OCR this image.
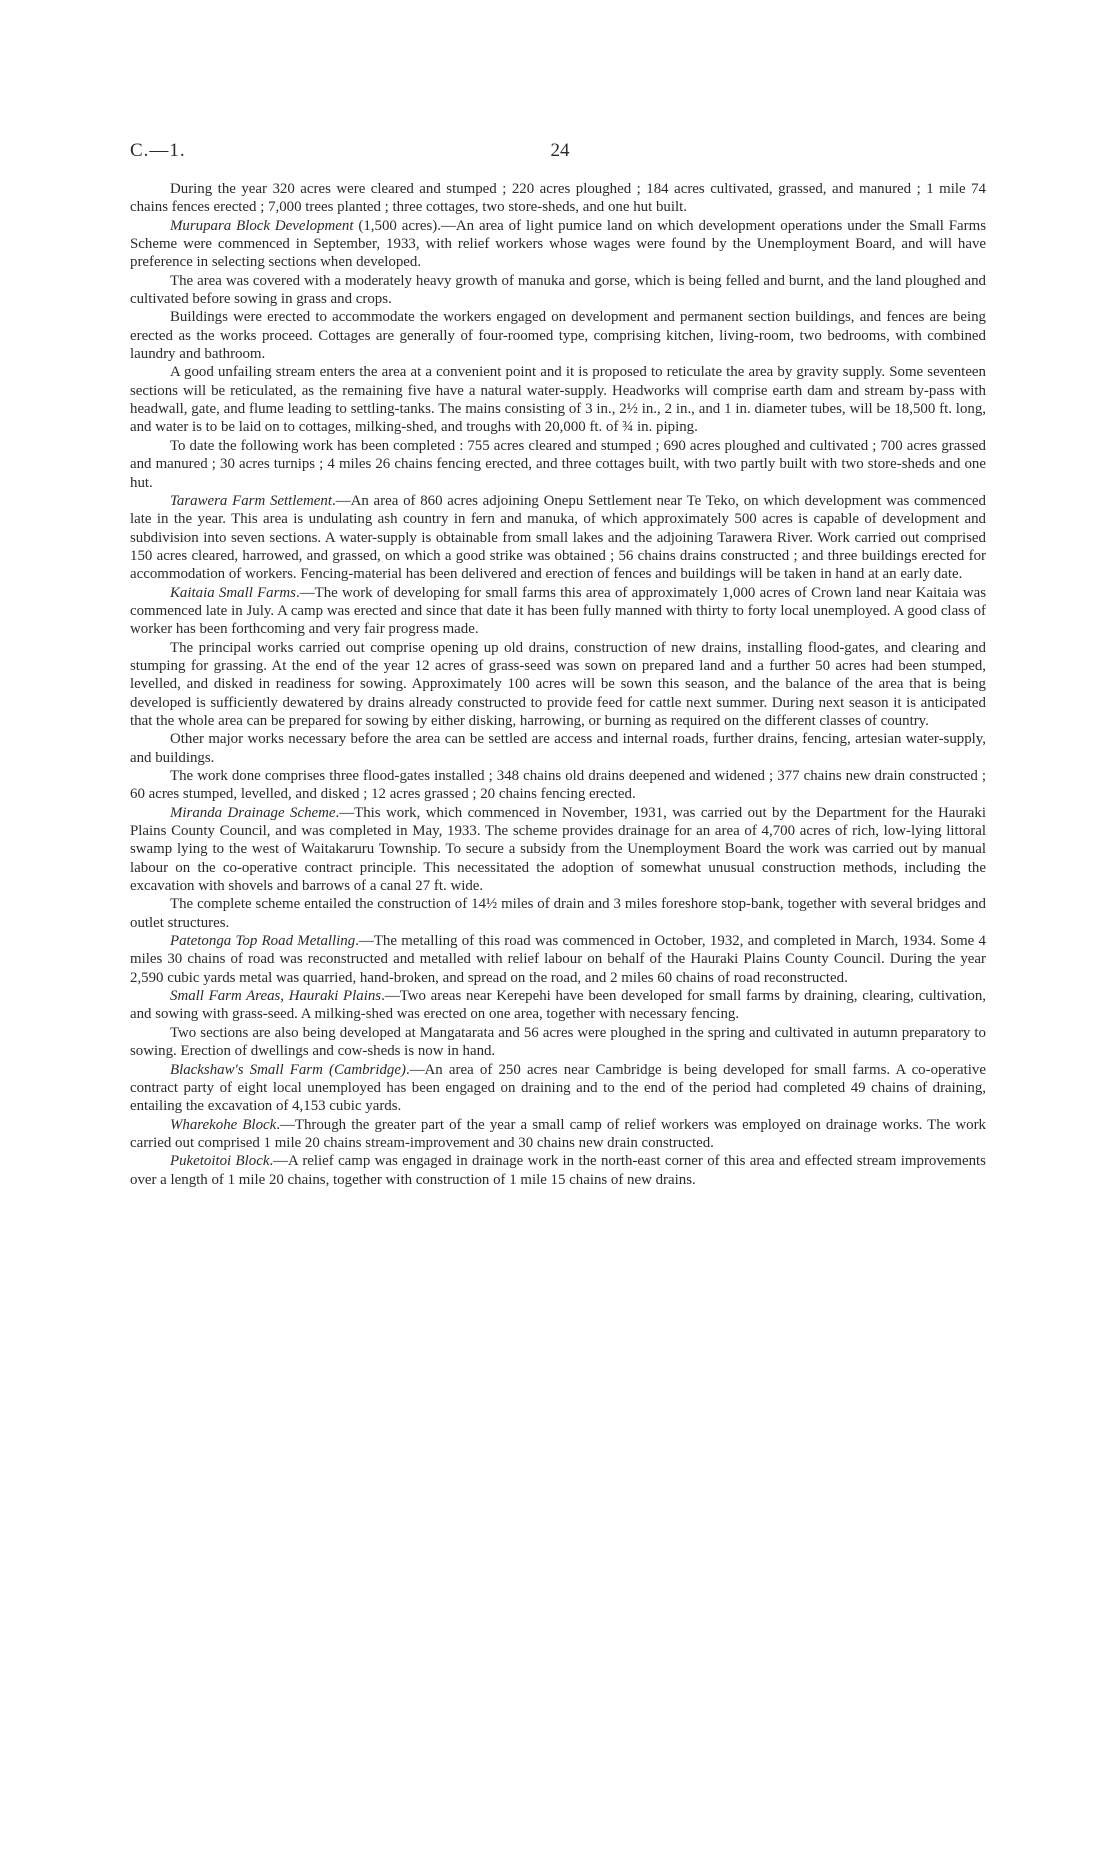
C.—1.	24

During the year 320 acres were cleared and stumped ; 220 acres ploughed ; 184 acres cultivated, grassed, and manured ; 1 mile 74 chains fences erected ; 7,000 trees planted ; three cottages, two store-sheds, and one hut built.

Murupara Block Development (1,500 acres).—An area of light pumice land on which development operations under the Small Farms Scheme were commenced in September, 1933, with relief workers whose wages were found by the Unemployment Board, and will have preference in selecting sections when developed.

The area was covered with a moderately heavy growth of manuka and gorse, which is being felled and burnt, and the land ploughed and cultivated before sowing in grass and crops.

Buildings were erected to accommodate the workers engaged on development and permanent section buildings, and fences are being erected as the works proceed. Cottages are generally of four-roomed type, comprising kitchen, living-room, two bedrooms, with combined laundry and bathroom.

A good unfailing stream enters the area at a convenient point and it is proposed to reticulate the area by gravity supply. Some seventeen sections will be reticulated, as the remaining five have a natural water-supply. Headworks will comprise earth dam and stream by-pass with headwall, gate, and flume leading to settling-tanks. The mains consisting of 3 in., 2½ in., 2 in., and 1 in. diameter tubes, will be 18,500 ft. long, and water is to be laid on to cottages, milking-shed, and troughs with 20,000 ft. of ¾ in. piping.

To date the following work has been completed : 755 acres cleared and stumped ; 690 acres ploughed and cultivated ; 700 acres grassed and manured ; 30 acres turnips ; 4 miles 26 chains fencing erected, and three cottages built, with two partly built with two store-sheds and one hut.

Tarawera Farm Settlement.—An area of 860 acres adjoining Onepu Settlement near Te Teko, on which development was commenced late in the year. This area is undulating ash country in fern and manuka, of which approximately 500 acres is capable of development and subdivision into seven sections. A water-supply is obtainable from small lakes and the adjoining Tarawera River. Work carried out comprised 150 acres cleared, harrowed, and grassed, on which a good strike was obtained ; 56 chains drains constructed ; and three buildings erected for accommodation of workers. Fencing-material has been delivered and erection of fences and buildings will be taken in hand at an early date.

Kaitaia Small Farms.—The work of developing for small farms this area of approximately 1,000 acres of Crown land near Kaitaia was commenced late in July. A camp was erected and since that date it has been fully manned with thirty to forty local unemployed. A good class of worker has been forthcoming and very fair progress made.

The principal works carried out comprise opening up old drains, construction of new drains, installing flood-gates, and clearing and stumping for grassing. At the end of the year 12 acres of grass-seed was sown on prepared land and a further 50 acres had been stumped, levelled, and disked in readiness for sowing. Approximately 100 acres will be sown this season, and the balance of the area that is being developed is sufficiently dewatered by drains already constructed to provide feed for cattle next summer. During next season it is anticipated that the whole area can be prepared for sowing by either disking, harrowing, or burning as required on the different classes of country.

Other major works necessary before the area can be settled are access and internal roads, further drains, fencing, artesian water-supply, and buildings.

The work done comprises three flood-gates installed ; 348 chains old drains deepened and widened ; 377 chains new drain constructed ; 60 acres stumped, levelled, and disked ; 12 acres grassed ; 20 chains fencing erected.

Miranda Drainage Scheme.—This work, which commenced in November, 1931, was carried out by the Department for the Hauraki Plains County Council, and was completed in May, 1933. The scheme provides drainage for an area of 4,700 acres of rich, low-lying littoral swamp lying to the west of Waitakaruru Township. To secure a subsidy from the Unemployment Board the work was carried out by manual labour on the co-operative contract principle. This necessitated the adoption of somewhat unusual construction methods, including the excavation with shovels and barrows of a canal 27 ft. wide.

The complete scheme entailed the construction of 14½ miles of drain and 3 miles foreshore stop-bank, together with several bridges and outlet structures.

Patetonga Top Road Metalling.—The metalling of this road was commenced in October, 1932, and completed in March, 1934. Some 4 miles 30 chains of road was reconstructed and metalled with relief labour on behalf of the Hauraki Plains County Council. During the year 2,590 cubic yards metal was quarried, hand-broken, and spread on the road, and 2 miles 60 chains of road reconstructed.

Small Farm Areas, Hauraki Plains.—Two areas near Kerepehi have been developed for small farms by draining, clearing, cultivation, and sowing with grass-seed. A milking-shed was erected on one area, together with necessary fencing.

Two sections are also being developed at Mangatarata and 56 acres were ploughed in the spring and cultivated in autumn preparatory to sowing. Erection of dwellings and cow-sheds is now in hand.

Blackshaw's Small Farm (Cambridge).—An area of 250 acres near Cambridge is being developed for small farms. A co-operative contract party of eight local unemployed has been engaged on draining and to the end of the period had completed 49 chains of draining, entailing the excavation of 4,153 cubic yards.

Wharekohe Block.—Through the greater part of the year a small camp of relief workers was employed on drainage works. The work carried out comprised 1 mile 20 chains stream-improvement and 30 chains new drain constructed.

Puketoitoi Block.—A relief camp was engaged in drainage work in the north-east corner of this area and effected stream improvements over a length of 1 mile 20 chains, together with construction of 1 mile 15 chains of new drains.
